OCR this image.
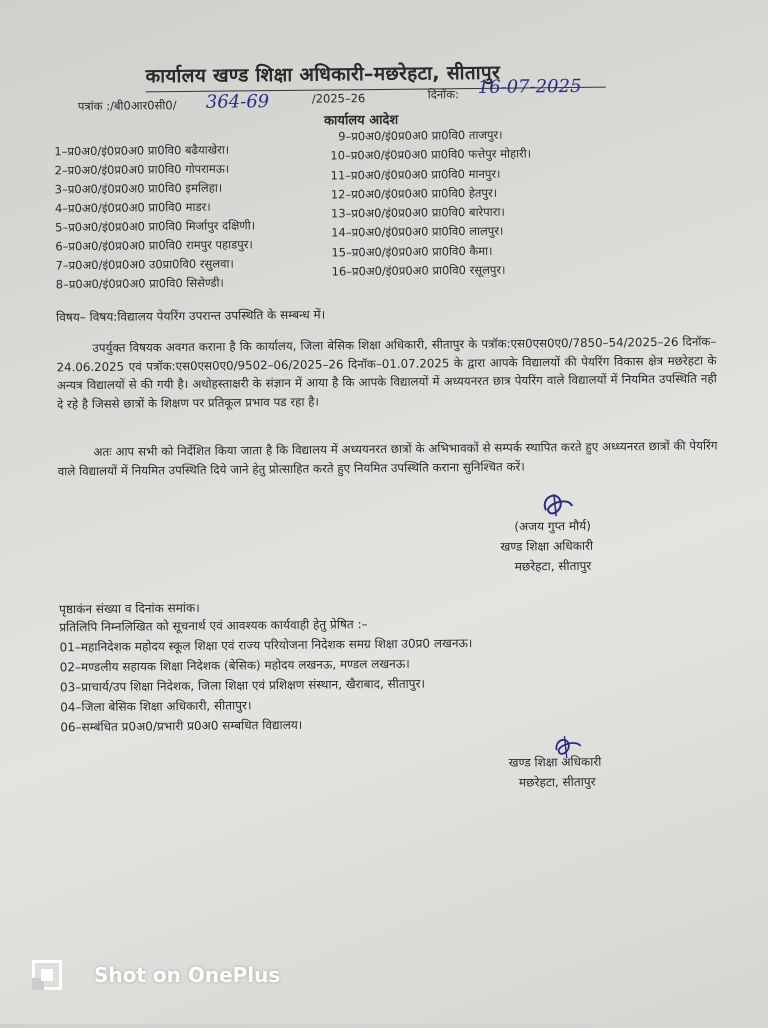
कार्यालय खण्ड शिक्षा अधिकारी–मछरेहटा, सीतापुर
पत्रांक :/बी0आर0सी0/ 364-69	/2025–26	दिनॉक: 16-07-2025
कार्यालय आदेश
1–प्र0अ0/इं0प्र0अ0 प्रा0वि0 बढैयाखेरा।
2–प्र0अ0/इं0प्र0अ0 प्रा0वि0 गोपरामऊ।
3–प्र0अ0/इं0प्र0अ0 प्रा0वि0 इमलिहा।
4–प्र0अ0/इं0प्र0अ0 प्रा0वि0 माडर।
5–प्र0अ0/इं0प्र0अ0 प्रा0वि0 मिर्जापुर दक्षिणी।
6–प्र0अ0/इं0प्र0अ0 प्रा0वि0 रामपुर पहाडपुर।
7–प्र0अ0/इं0प्र0अ0 उ0प्रा0वि0 रसुलवा।
8–प्र0अ0/इं0प्र0अ0 प्रा0वि0 सिसेण्डी।
9–प्र0अ0/इं0प्र0अ0 प्रा0वि0 ताजपुर।
10–प्र0अ0/इं0प्र0अ0 प्रा0वि0 फत्तेपुर मोहारी।
11–प्र0अ0/इं0प्र0अ0 प्रा0वि0 मानपुर।
12–प्र0अ0/इं0प्र0अ0 प्रा0वि0 हेतपुर।
13–प्र0अ0/इं0प्र0अ0 प्रा0वि0 बारेपारा।
14–प्र0अ0/इं0प्र0अ0 प्रा0वि0 लालपुर।
15–प्र0अ0/इं0प्र0अ0 प्रा0वि0 कैमा।
16–प्र0अ0/इं0प्र0अ0 प्रा0वि0 रसूलपुर।
विषय– विषय:विद्यालय पेयरिंग उपरान्त उपस्थिति के सम्बन्ध में।
उपर्युक्त विषयक अवगत कराना है कि कार्यालय, जिला बेसिक शिक्षा अधिकारी, सीतापुर के पत्रॉक:एस0एस0ए0/7850–54/2025–26 दिनॉक–24.06.2025 एवं पत्रॉक:एस0एस0ए0/9502–06/2025–26 दिनॉक–01.07.2025 के द्वारा आपके विद्यालयों की पेयरिंग विकास क्षेत्र मछरेहटा के अन्यत्र विद्यालयों से की गयी है। अधोहस्ताक्षरी के संज्ञान में आया है कि आपके विद्यालयों में अध्ययनरत छात्र पेयरिंग वाले विद्यालयों में नियमित उपस्थिति नही दे रहे है जिससे छात्रों के शिक्षण पर प्रतिकूल प्रभाव पड रहा है।
अतः आप सभी को निर्देशित किया जाता है कि विद्यालय में अध्ययनरत छात्रों के अभिभावकों से सम्पर्क स्थापित करते हुए अध्ध्यनरत छात्रों की पेयरिंग वाले विद्यालयों में नियमित उपस्थिति दिये जाने हेतु प्रोत्साहित करते हुए नियमित उपस्थिति कराना सुनिश्चित करें।
(अजय गुप्त मौर्य)
खण्ड शिक्षा अधिकारी
मछरेहटा, सीतापुर
पृष्ठाकंन संख्या व दिनांक समांक।
प्रतिलिपि निम्नलिखित को सूचनार्थ एवं आवश्यक कार्यवाही हेतु प्रेषित :–
01–महानिदेशक महोदय स्कूल शिक्षा एवं राज्य परियोजना निदेशक समग्र शिक्षा उ0प्र0 लखनऊ।
02–मण्डलीय सहायक शिक्षा निदेशक (बेसिक) महोदय लखनऊ, मण्डल लखनऊ।
03–प्राचार्य/उप शिक्षा निदेशक, जिला शिक्षा एवं प्रशिक्षण संस्थान, खैराबाद, सीतापुर।
04–जिला बेसिक शिक्षा अधिकारी, सीतापुर।
06–सम्बंधित प्र0अ0/प्रभारी प्र0अ0 सम्बधित विद्यालय।
खण्ड शिक्षा अधिकारी
मछरेहटा, सीतापुर
Shot on OnePlus
